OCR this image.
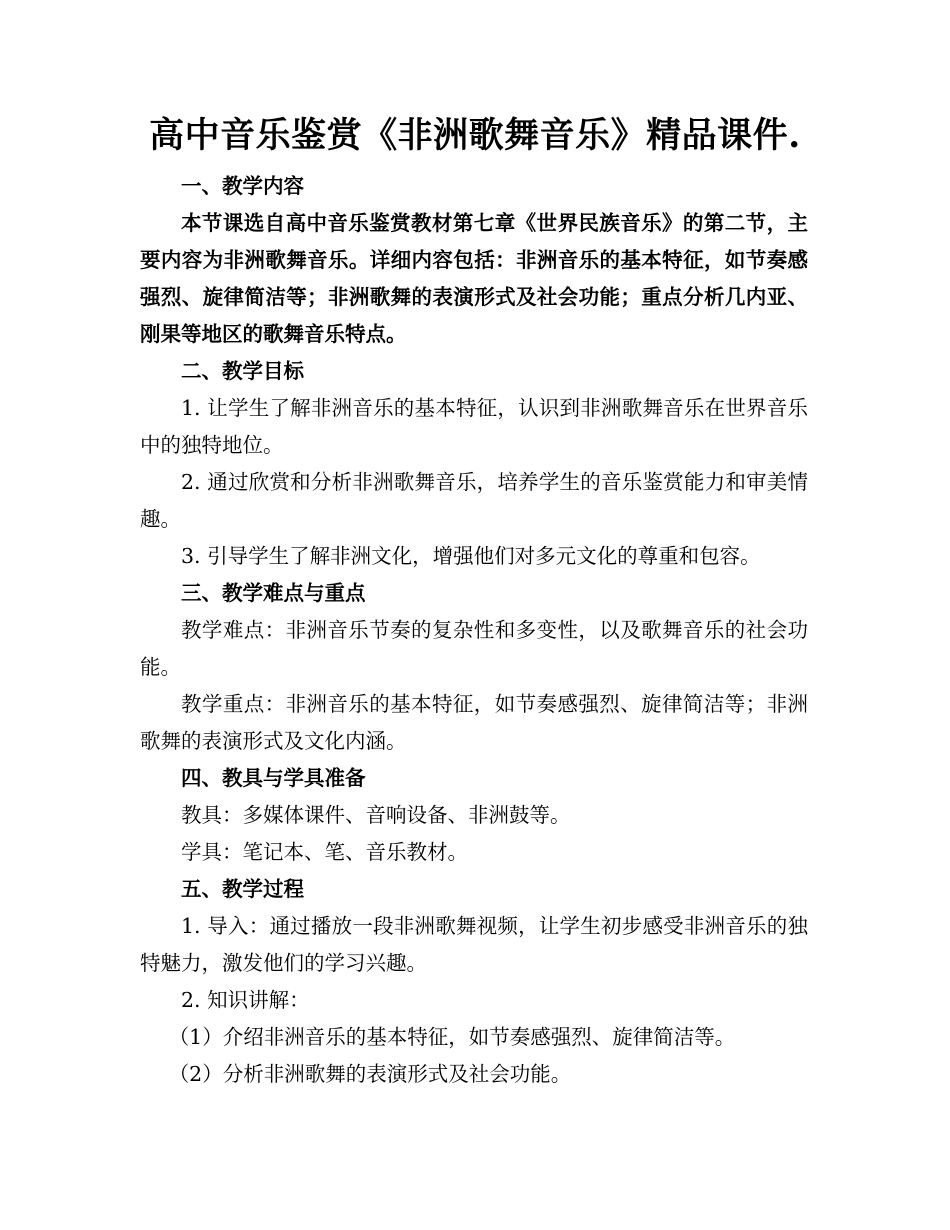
高中音乐鉴赏《非洲歌舞音乐》精品课件.

一、教学内容

本节课选自高中音乐鉴赏教材第七章《世界民族音乐》的第二节，主要内容为非洲歌舞音乐。详细内容包括：非洲音乐的基本特征，如节奏感强烈、旋律简洁等；非洲歌舞的表演形式及社会功能；重点分析几内亚、刚果等地区的歌舞音乐特点。

二、教学目标

1. 让学生了解非洲音乐的基本特征，认识到非洲歌舞音乐在世界音乐中的独特地位。

2. 通过欣赏和分析非洲歌舞音乐，培养学生的音乐鉴赏能力和审美情趣。

3. 引导学生了解非洲文化，增强他们对多元文化的尊重和包容。

三、教学难点与重点

教学难点：非洲音乐节奏的复杂性和多变性，以及歌舞音乐的社会功能。

教学重点：非洲音乐的基本特征，如节奏感强烈、旋律简洁等；非洲歌舞的表演形式及文化内涵。

四、教具与学具准备

教具：多媒体课件、音响设备、非洲鼓等。

学具：笔记本、笔、音乐教材。

五、教学过程

1. 导入：通过播放一段非洲歌舞视频，让学生初步感受非洲音乐的独特魅力，激发他们的学习兴趣。

2. 知识讲解：

（1）介绍非洲音乐的基本特征，如节奏感强烈、旋律简洁等。

（2）分析非洲歌舞的表演形式及社会功能。
